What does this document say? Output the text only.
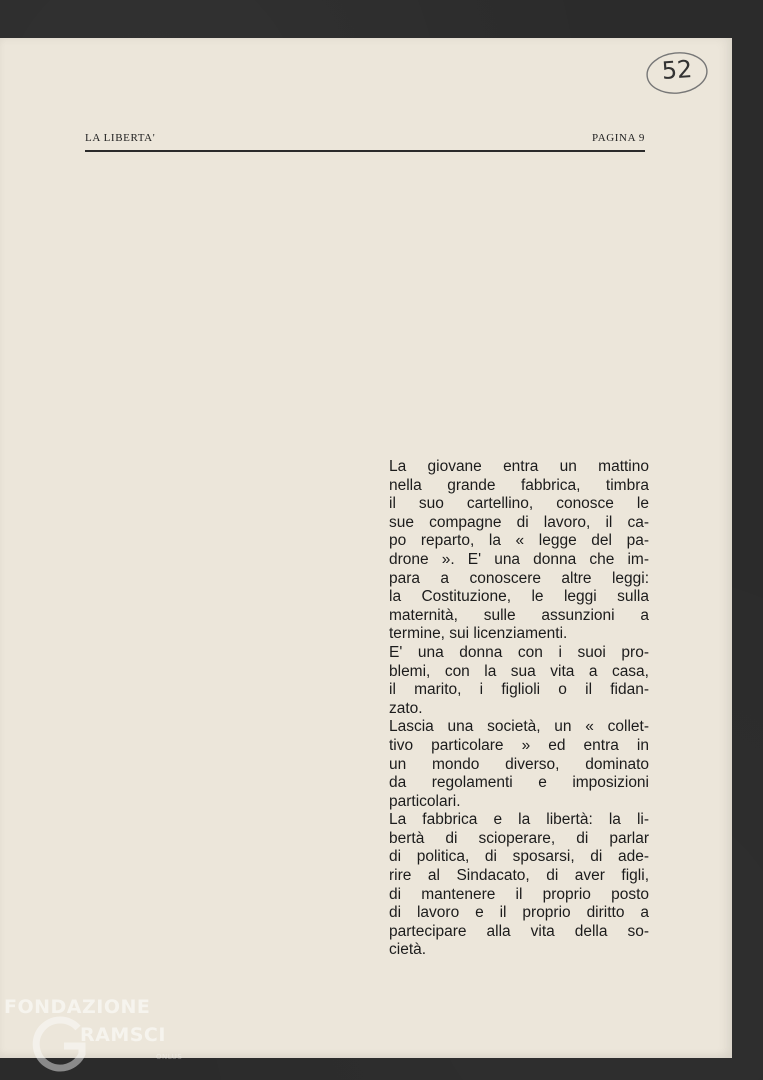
52
LA LIBERTA'	PAGINA 9
La giovane entra un mattino
nella grande fabbrica, timbra
il suo cartellino, conosce le
sue compagne di lavoro, il ca-
po reparto, la « legge del pa-
drone ». E' una donna che im-
para a conoscere altre leggi:
la Costituzione, le leggi sulla
maternità, sulle assunzioni a
termine, sui licenziamenti.
E' una donna con i suoi pro-
blemi, con la sua vita a casa,
il marito, i figlioli o il fidan-
zato.
Lascia una società, un « collet-
tivo particolare » ed entra in
un mondo diverso, dominato
da regolamenti e imposizioni
particolari.
La fabbrica e la libertà: la li-
bertà di scioperare, di parlar
di politica, di sposarsi, di ade-
rire al Sindacato, di aver figli,
di mantenere il proprio posto
di lavoro e il proprio diritto a
partecipare alla vita della so-
cietà.
FONDAZIONE
RAMSCI
ONLUS
